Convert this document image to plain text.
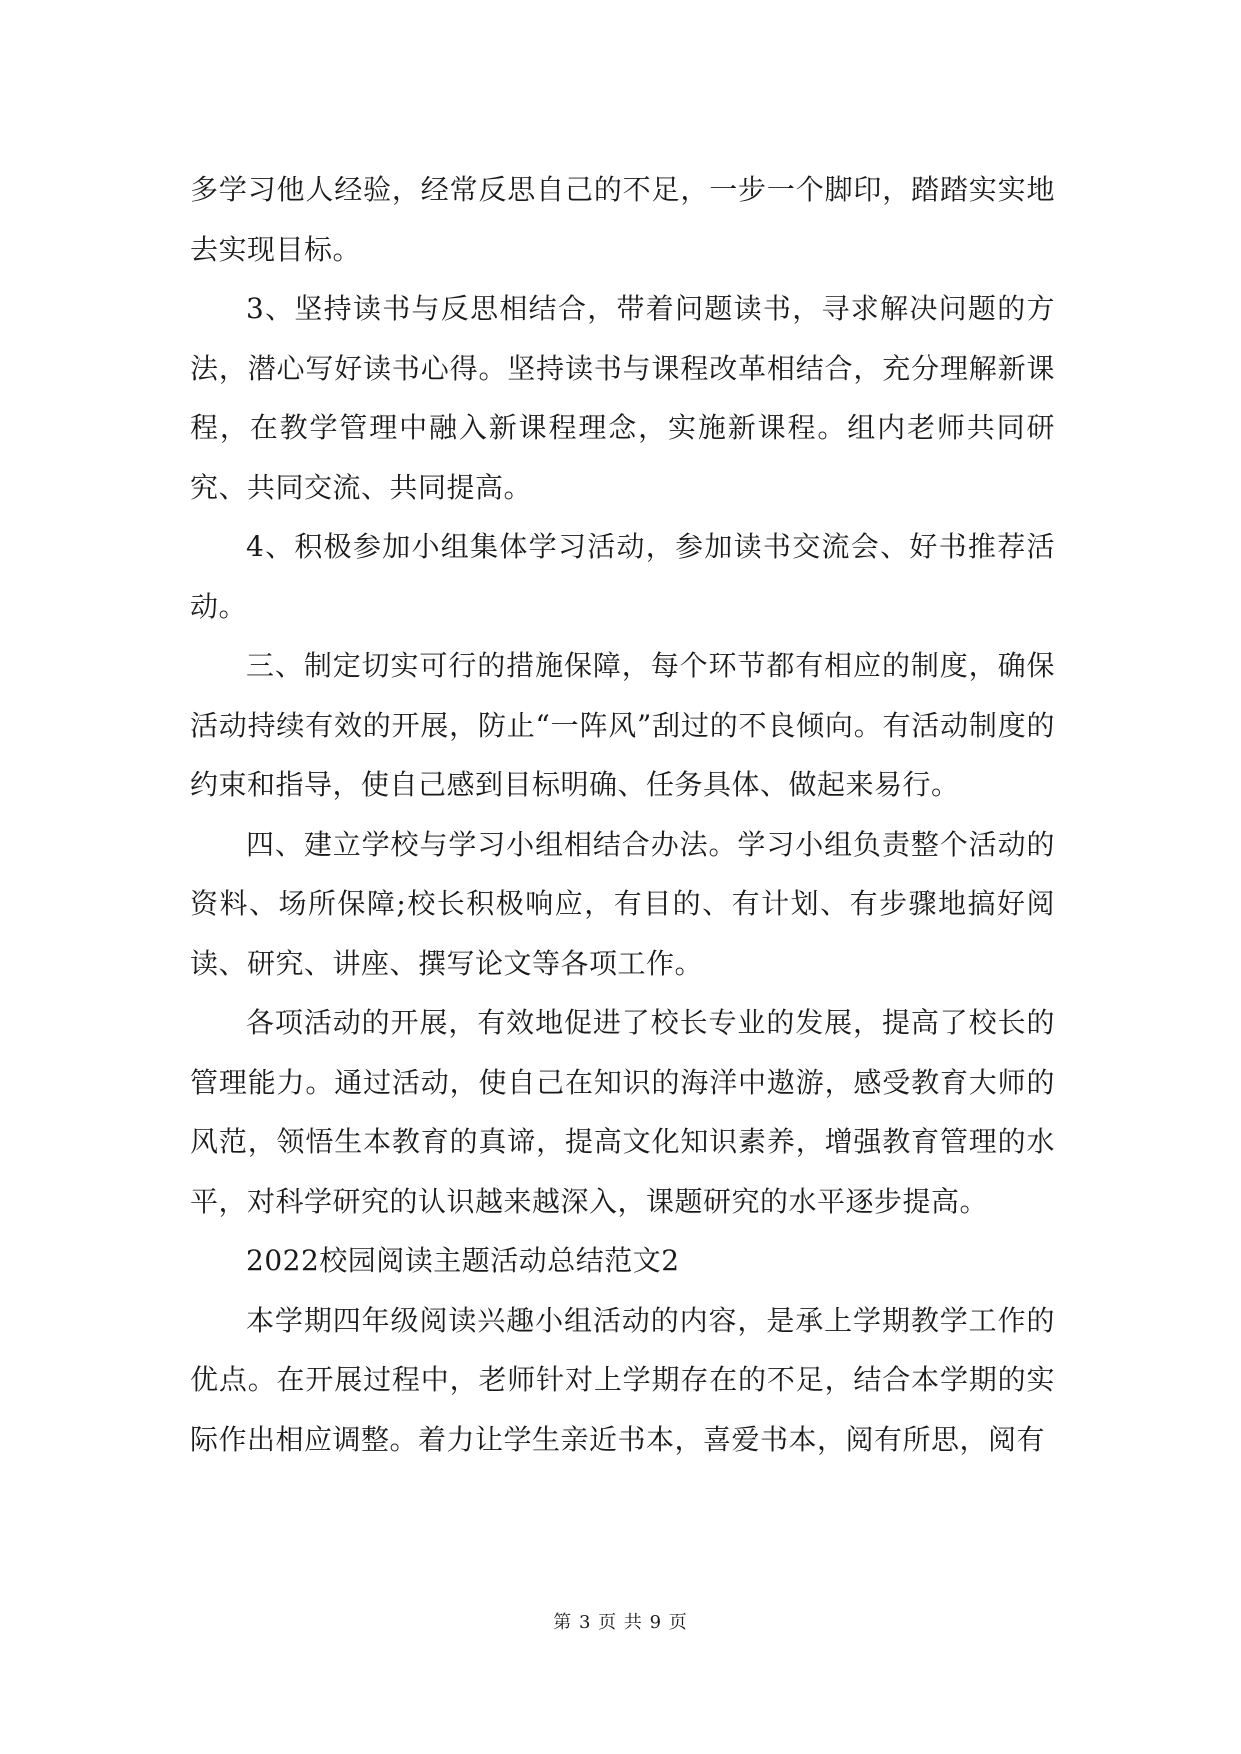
多学习他人经验，经常反思自己的不足，一步一个脚印，踏踏实实地去实现目标。

3、坚持读书与反思相结合，带着问题读书，寻求解决问题的方法，潜心写好读书心得。坚持读书与课程改革相结合，充分理解新课程，在教学管理中融入新课程理念，实施新课程。组内老师共同研究、共同交流、共同提高。

4、积极参加小组集体学习活动，参加读书交流会、好书推荐活动。

三、制定切实可行的措施保障，每个环节都有相应的制度，确保活动持续有效的开展，防止“一阵风”刮过的不良倾向。有活动制度的约束和指导，使自己感到目标明确、任务具体、做起来易行。

四、建立学校与学习小组相结合办法。学习小组负责整个活动的资料、场所保障;校长积极响应，有目的、有计划、有步骤地搞好阅读、研究、讲座、撰写论文等各项工作。

各项活动的开展，有效地促进了校长专业的发展，提高了校长的管理能力。通过活动，使自己在知识的海洋中遨游，感受教育大师的风范，领悟生本教育的真谛，提高文化知识素养，增强教育管理的水平，对科学研究的认识越来越深入，课题研究的水平逐步提高。

2022校园阅读主题活动总结范文2

本学期四年级阅读兴趣小组活动的内容，是承上学期教学工作的优点。在开展过程中，老师针对上学期存在的不足，结合本学期的实际作出相应调整。着力让学生亲近书本，喜爱书本，阅有所思，阅有

第 3 页 共 9 页
